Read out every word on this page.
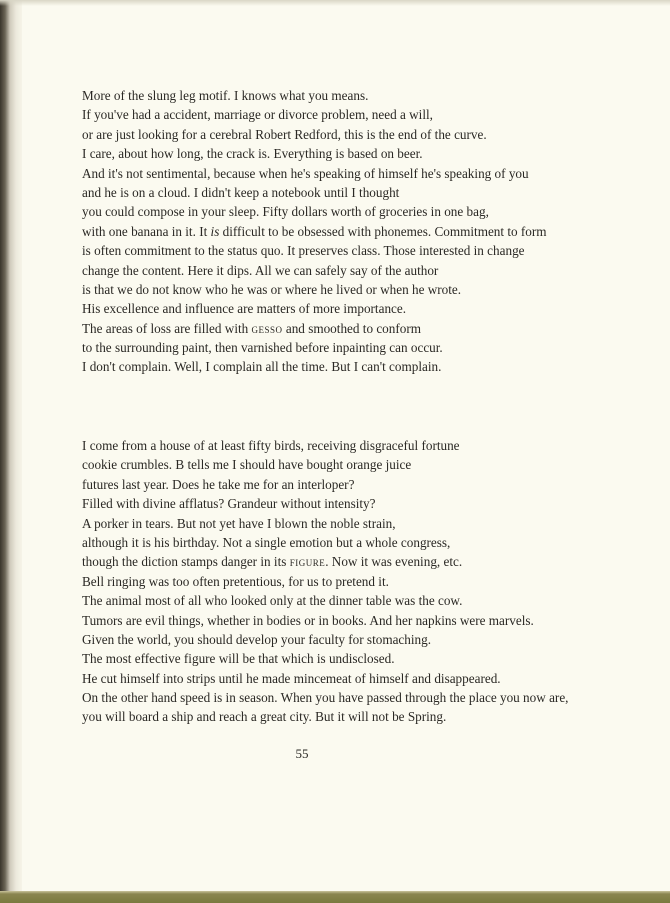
More of the slung leg motif. I knows what you means.
If you've had a accident, marriage or divorce problem, need a will,
or are just looking for a cerebral Robert Redford, this is the end of the curve.
I care, about how long, the crack is. Everything is based on beer.
And it's not sentimental, because when he's speaking of himself he's speaking of you
and he is on a cloud. I didn't keep a notebook until I thought
you could compose in your sleep. Fifty dollars worth of groceries in one bag,
with one banana in it. It is difficult to be obsessed with phonemes. Commitment to form
is often commitment to the status quo. It preserves class. Those interested in change
change the content. Here it dips. All we can safely say of the author
is that we do not know who he was or where he lived or when he wrote.
His excellence and influence are matters of more importance.
The areas of loss are filled with gesso and smoothed to conform
to the surrounding paint, then varnished before inpainting can occur.
I don't complain. Well, I complain all the time. But I can't complain.
I come from a house of at least fifty birds, receiving disgraceful fortune
cookie crumbles. B tells me I should have bought orange juice
futures last year. Does he take me for an interloper?
Filled with divine afflatus? Grandeur without intensity?
A porker in tears. But not yet have I blown the noble strain,
although it is his birthday. Not a single emotion but a whole congress,
though the diction stamps danger in its figure. Now it was evening, etc.
Bell ringing was too often pretentious, for us to pretend it.
The animal most of all who looked only at the dinner table was the cow.
Tumors are evil things, whether in bodies or in books. And her napkins were marvels.
Given the world, you should develop your faculty for stomaching.
The most effective figure will be that which is undisclosed.
He cut himself into strips until he made mincemeat of himself and disappeared.
On the other hand speed is in season. When you have passed through the place you now are,
you will board a ship and reach a great city. But it will not be Spring.
55
